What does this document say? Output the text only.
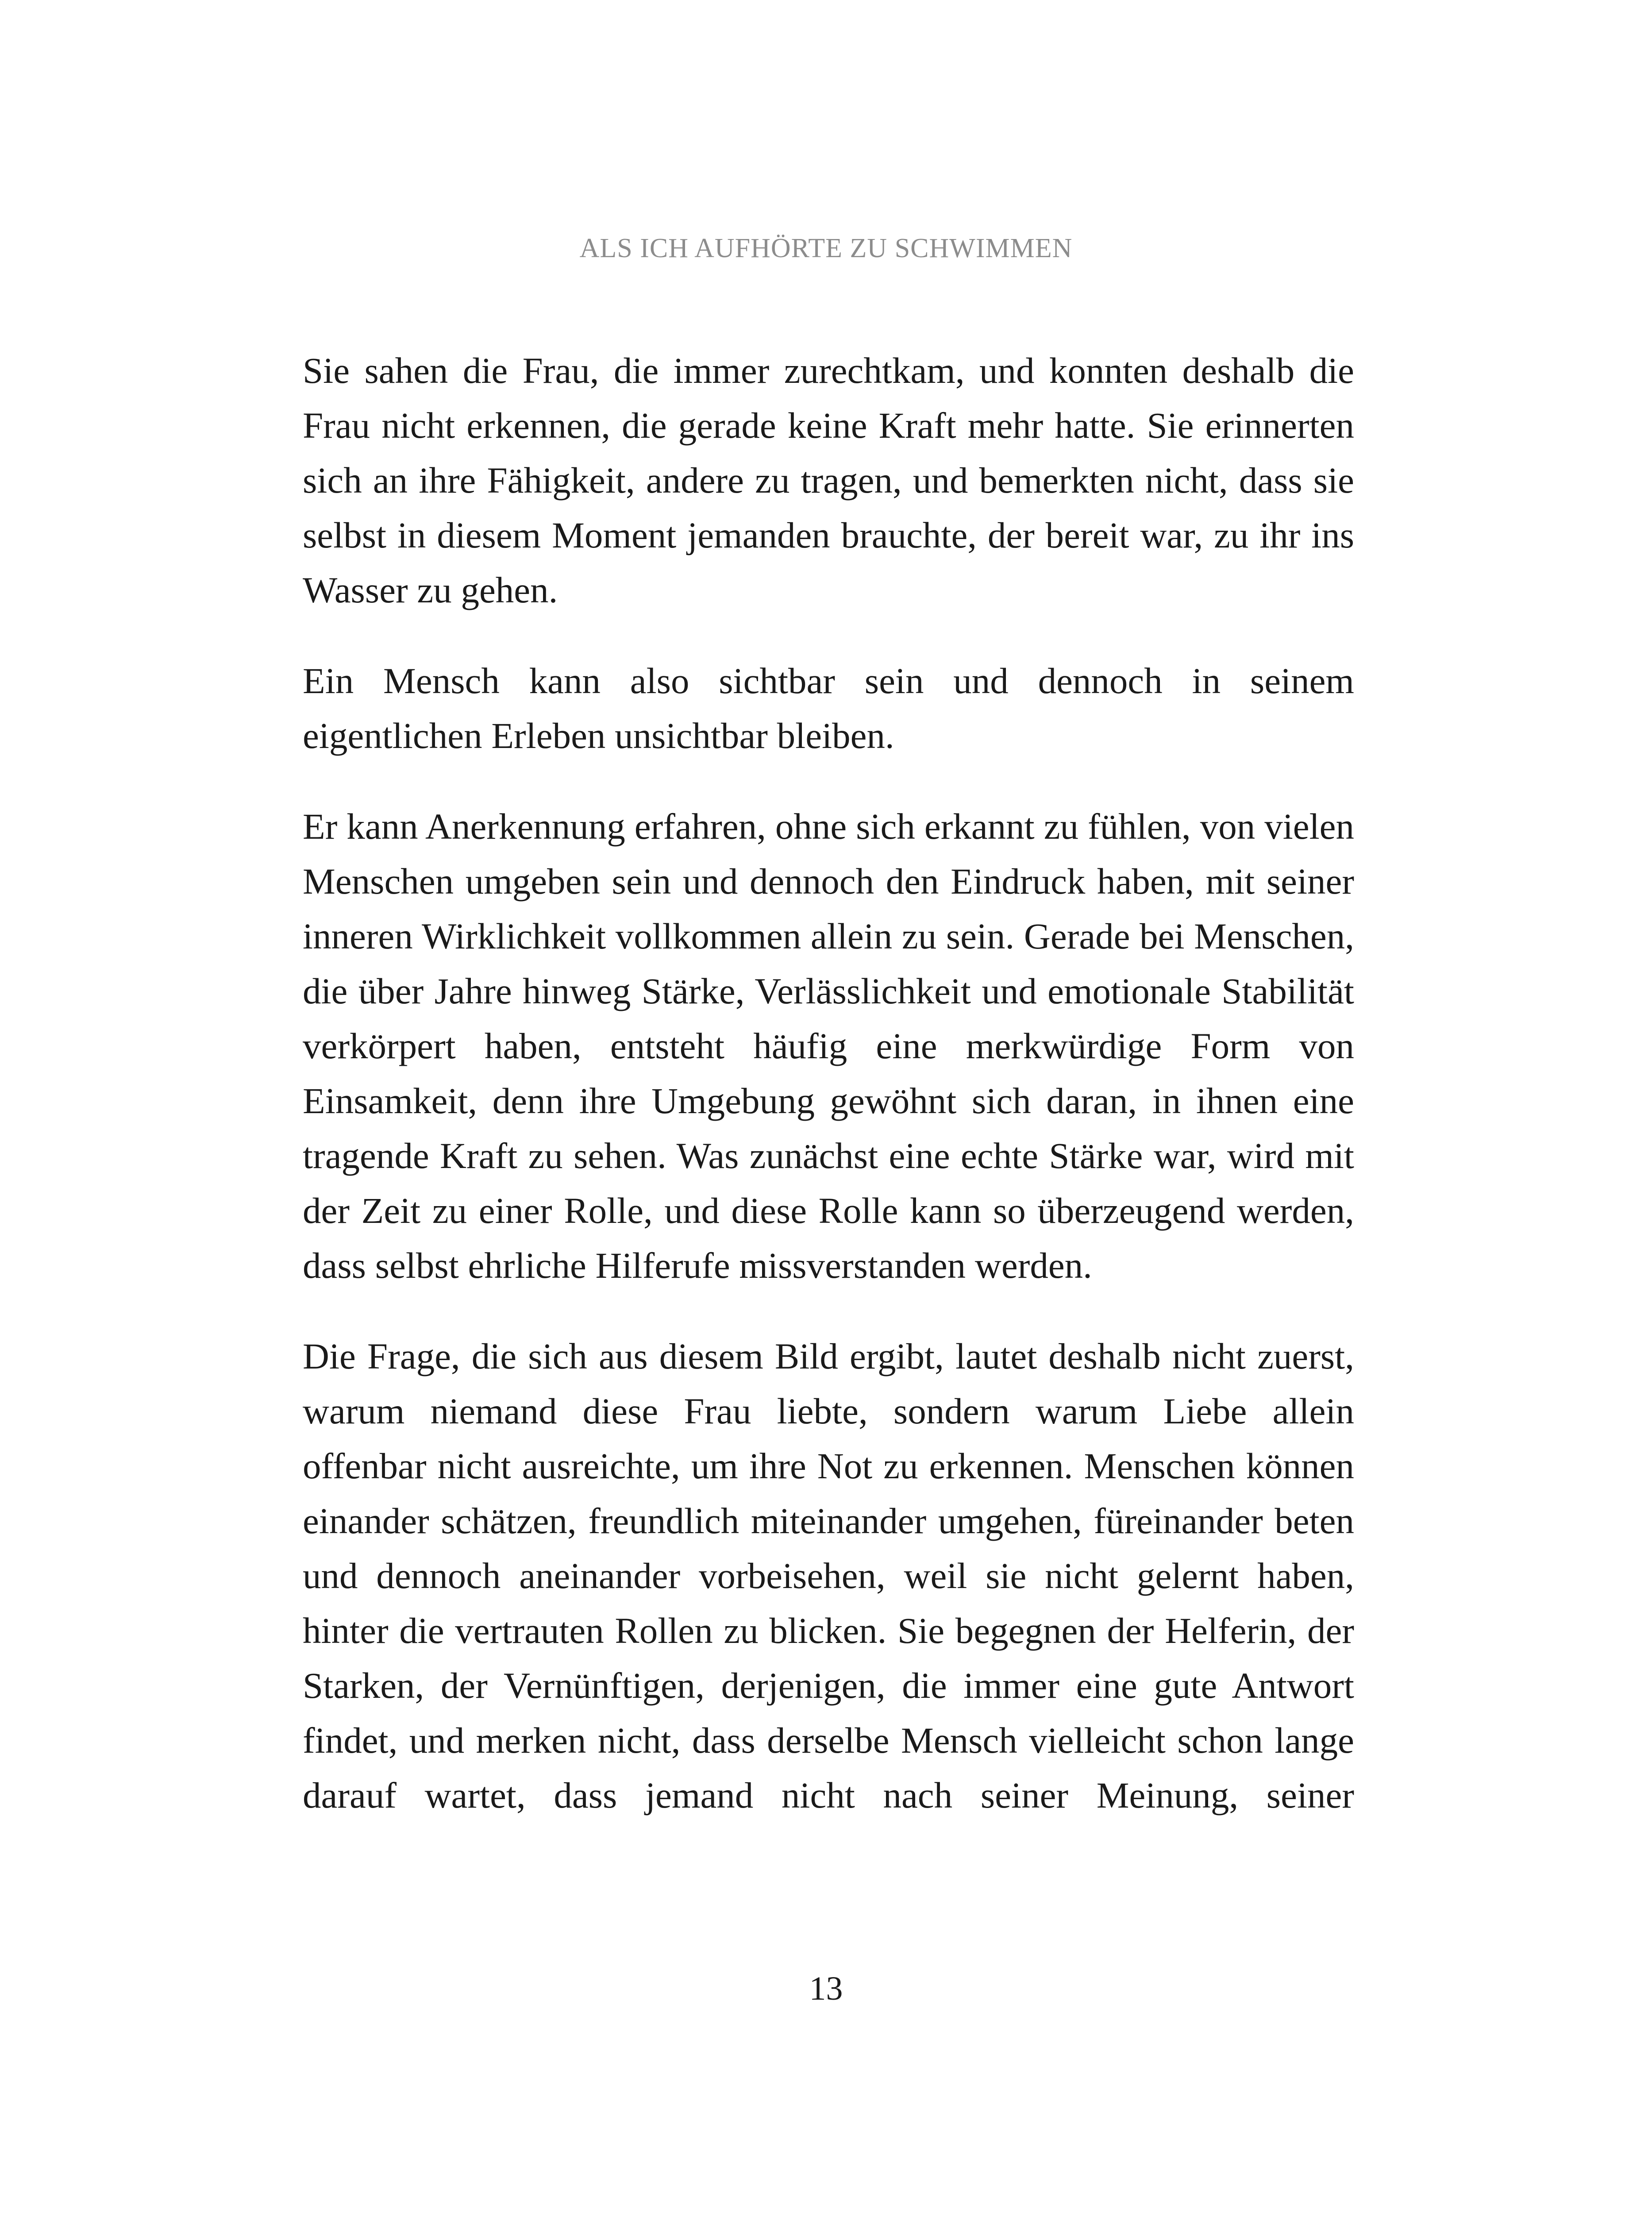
ALS ICH AUFHÖRTE ZU SCHWIMMEN

Sie sahen die Frau, die immer zurechtkam, und konnten deshalb die Frau nicht erkennen, die gerade keine Kraft mehr hatte. Sie erinnerten sich an ihre Fähigkeit, andere zu tragen, und bemerkten nicht, dass sie selbst in diesem Moment jemanden brauchte, der bereit war, zu ihr ins Wasser zu gehen.

Ein Mensch kann also sichtbar sein und dennoch in seinem eigentlichen Erleben unsichtbar bleiben.

Er kann Anerkennung erfahren, ohne sich erkannt zu fühlen, von vielen Menschen umgeben sein und dennoch den Eindruck haben, mit seiner inneren Wirklichkeit vollkommen allein zu sein. Gerade bei Menschen, die über Jahre hinweg Stärke, Verlässlichkeit und emotionale Stabilität verkörpert haben, entsteht häufig eine merkwürdige Form von Einsamkeit, denn ihre Umgebung gewöhnt sich daran, in ihnen eine tragende Kraft zu sehen. Was zunächst eine echte Stärke war, wird mit der Zeit zu einer Rolle, und diese Rolle kann so überzeugend werden, dass selbst ehrliche Hilferufe missverstanden werden.

Die Frage, die sich aus diesem Bild ergibt, lautet deshalb nicht zuerst, warum niemand diese Frau liebte, sondern warum Liebe allein offenbar nicht ausreichte, um ihre Not zu erkennen. Menschen können einander schätzen, freundlich miteinander umgehen, füreinander beten und dennoch aneinander vorbeisehen, weil sie nicht gelernt haben, hinter die vertrauten Rollen zu blicken. Sie begegnen der Helferin, der Starken, der Vernünftigen, derjenigen, die immer eine gute Antwort findet, und merken nicht, dass derselbe Mensch vielleicht schon lange darauf wartet, dass jemand nicht nach seiner Meinung, seiner

13
